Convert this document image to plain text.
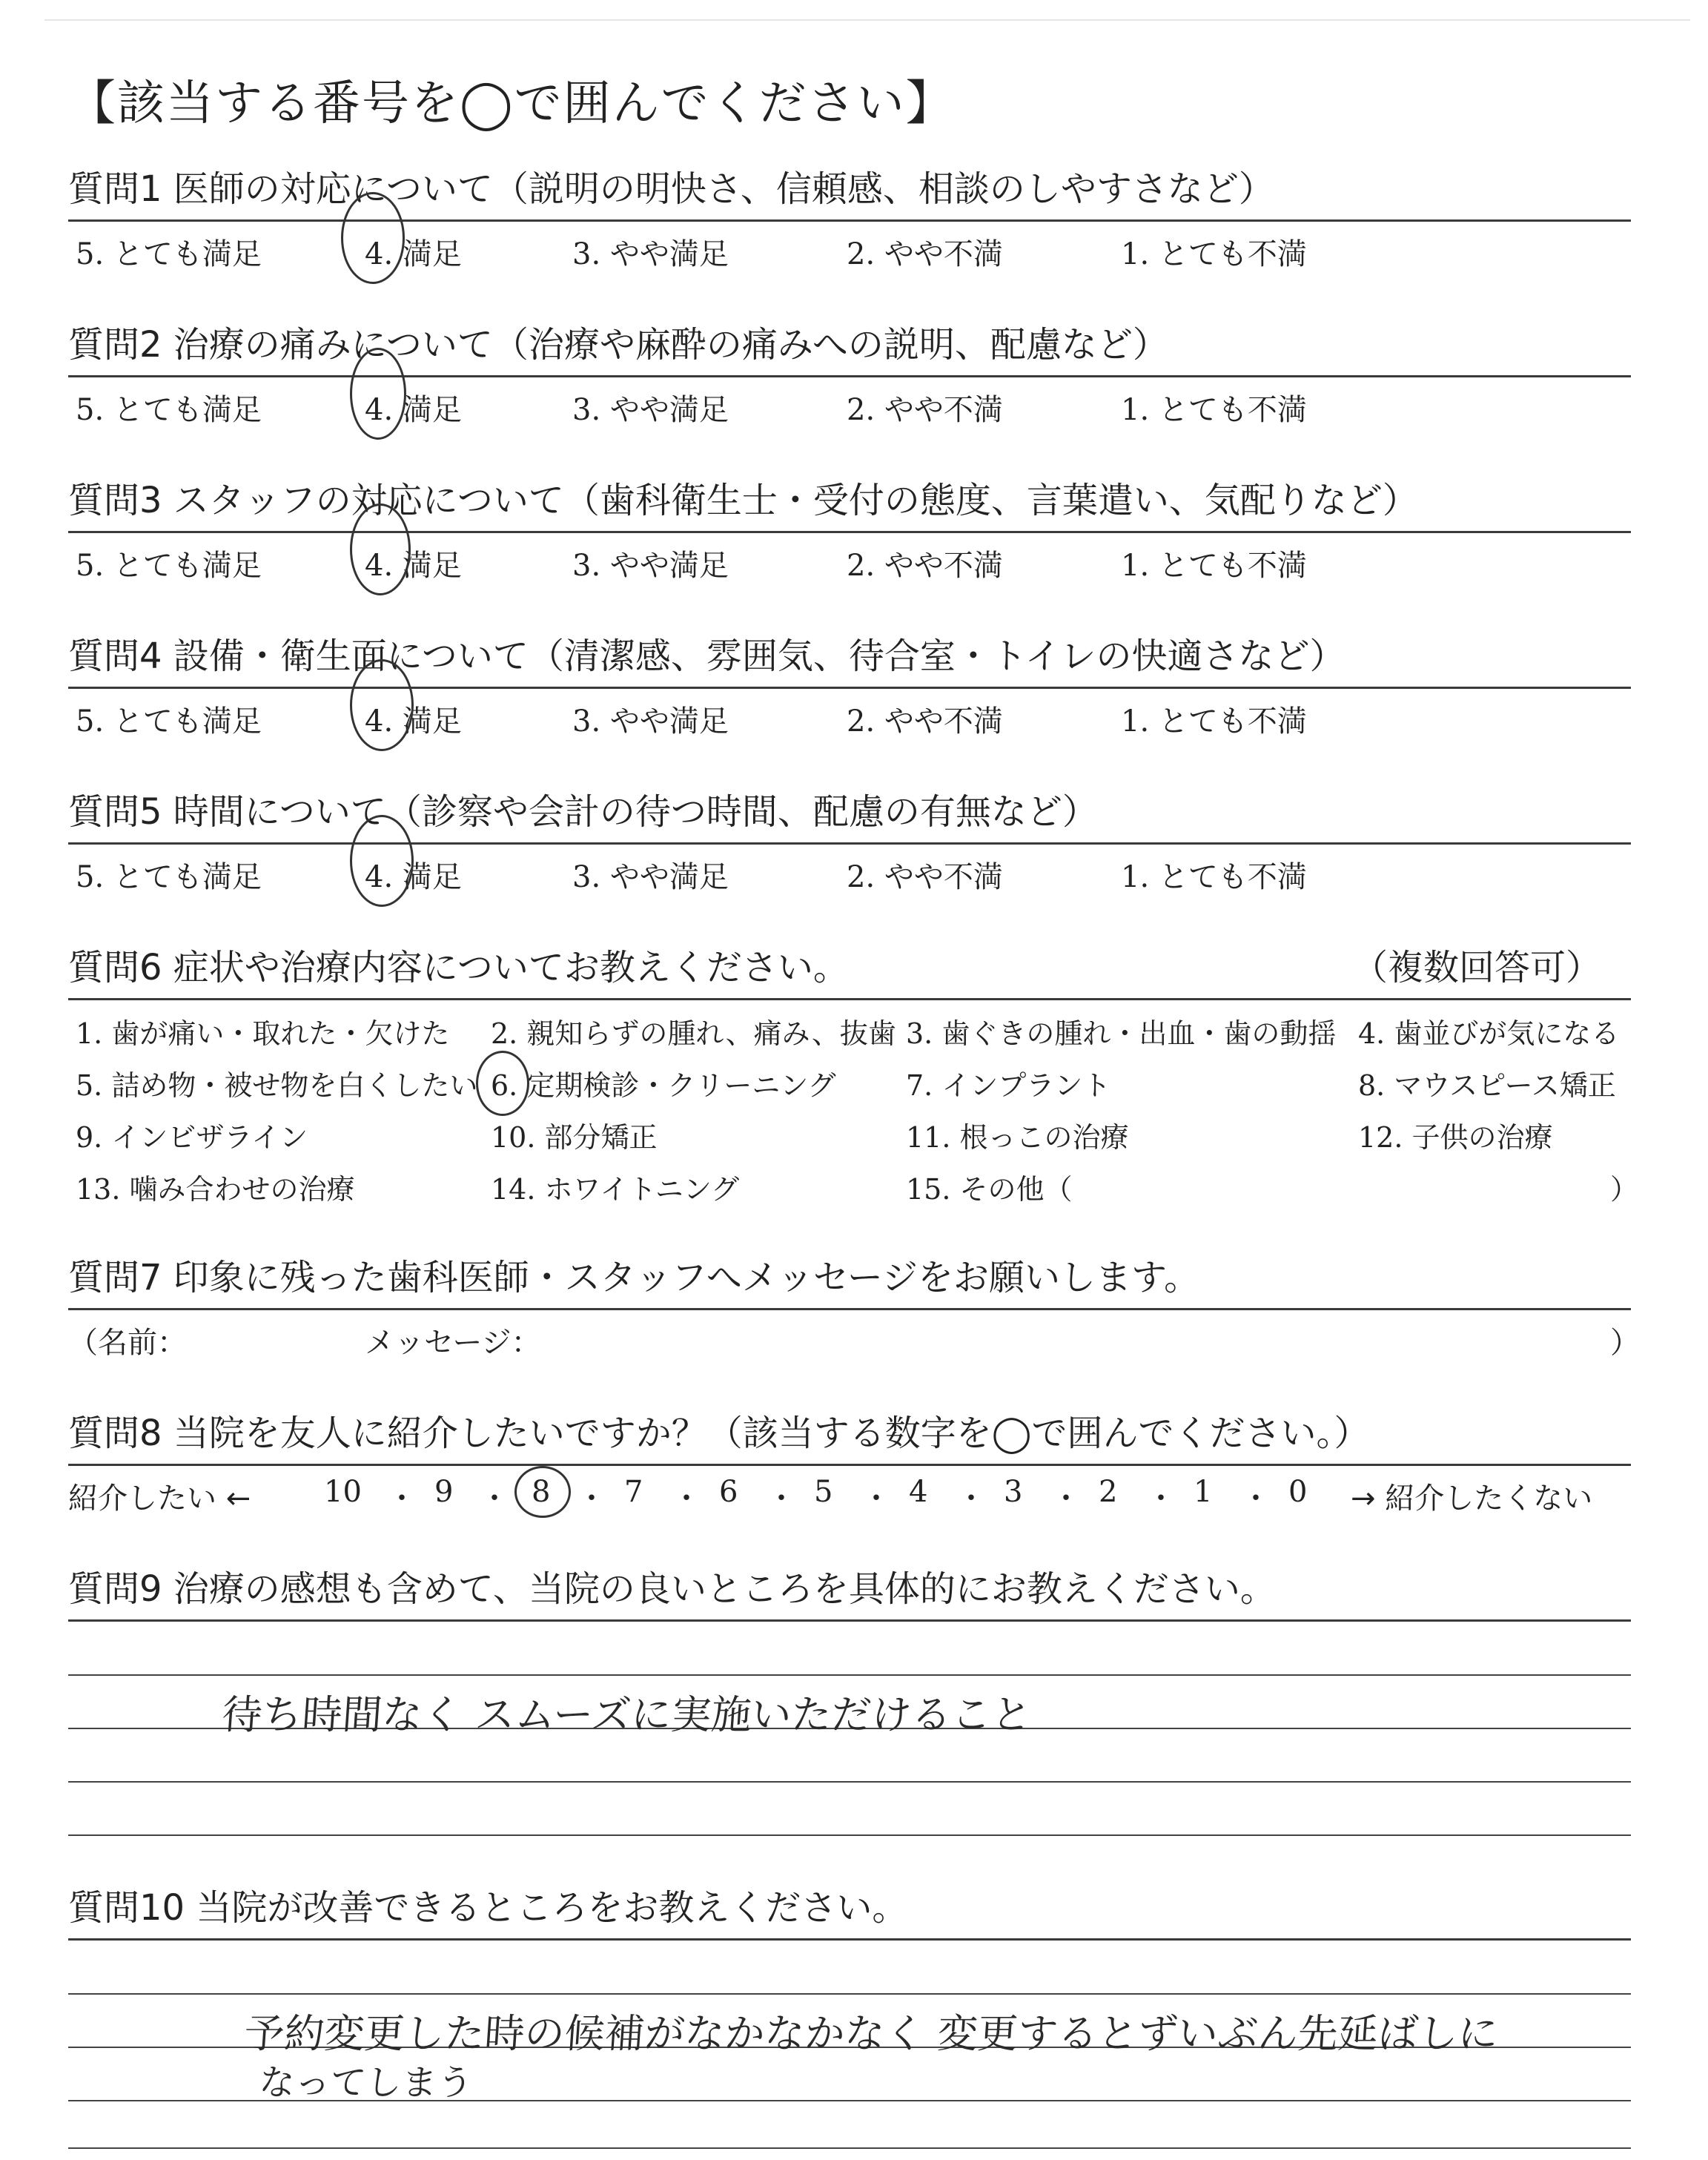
【該当する番号を◯で囲んでください】
質問1 医師の対応について（説明の明快さ、信頼感、相談のしやすさなど）
5. とても満足	4. 満足	3. やや満足	2. やや不満	1. とても不満
質問2 治療の痛みについて（治療や麻酔の痛みへの説明、配慮など）
5. とても満足	4. 満足	3. やや満足	2. やや不満	1. とても不満
質問3 スタッフの対応について（歯科衛生士・受付の態度、言葉遣い、気配りなど）
5. とても満足	4. 満足	3. やや満足	2. やや不満	1. とても不満
質問4 設備・衛生面について（清潔感、雰囲気、待合室・トイレの快適さなど）
5. とても満足	4. 満足	3. やや満足	2. やや不満	1. とても不満
質問5 時間について（診察や会計の待つ時間、配慮の有無など）
5. とても満足	4. 満足	3. やや満足	2. やや不満	1. とても不満
質問6 症状や治療内容についてお教えください。	（複数回答可）
1. 歯が痛い・取れた・欠けた 2. 親知らずの腫れ、痛み、抜歯 3. 歯ぐきの腫れ・出血・歯の動揺 4. 歯並びが気になる
5. 詰め物・被せ物を白くしたい 6. 定期検診・クリーニング 7. インプラント	8. マウスピース矯正
9. インビザライン	10. 部分矯正	11. 根っこの治療	12. 子供の治療
13. 噛み合わせの治療	14. ホワイトニング	15. その他（	）
質問7 印象に残った歯科医師・スタッフへメッセージをお願いします。
（名前：	メッセージ：	）
質問8 当院を友人に紹介したいですか？（該当する数字を◯で囲んでください。）
紹介したい ← 10 9	8 7	6	5	4	3	2	1	0 → 紹介したくない
・ ・ ・ ・ ・ ・ ・ ・ ・ ・
質問9 治療の感想も含めて、当院の良いところを具体的にお教えください。
待ち時間なく スムーズに実施いただけること
質問10 当院が改善できるところをお教えください。
予約変更した時の候補がなかなかなく 変更するとずいぶん先延ばしに
なってしまう
